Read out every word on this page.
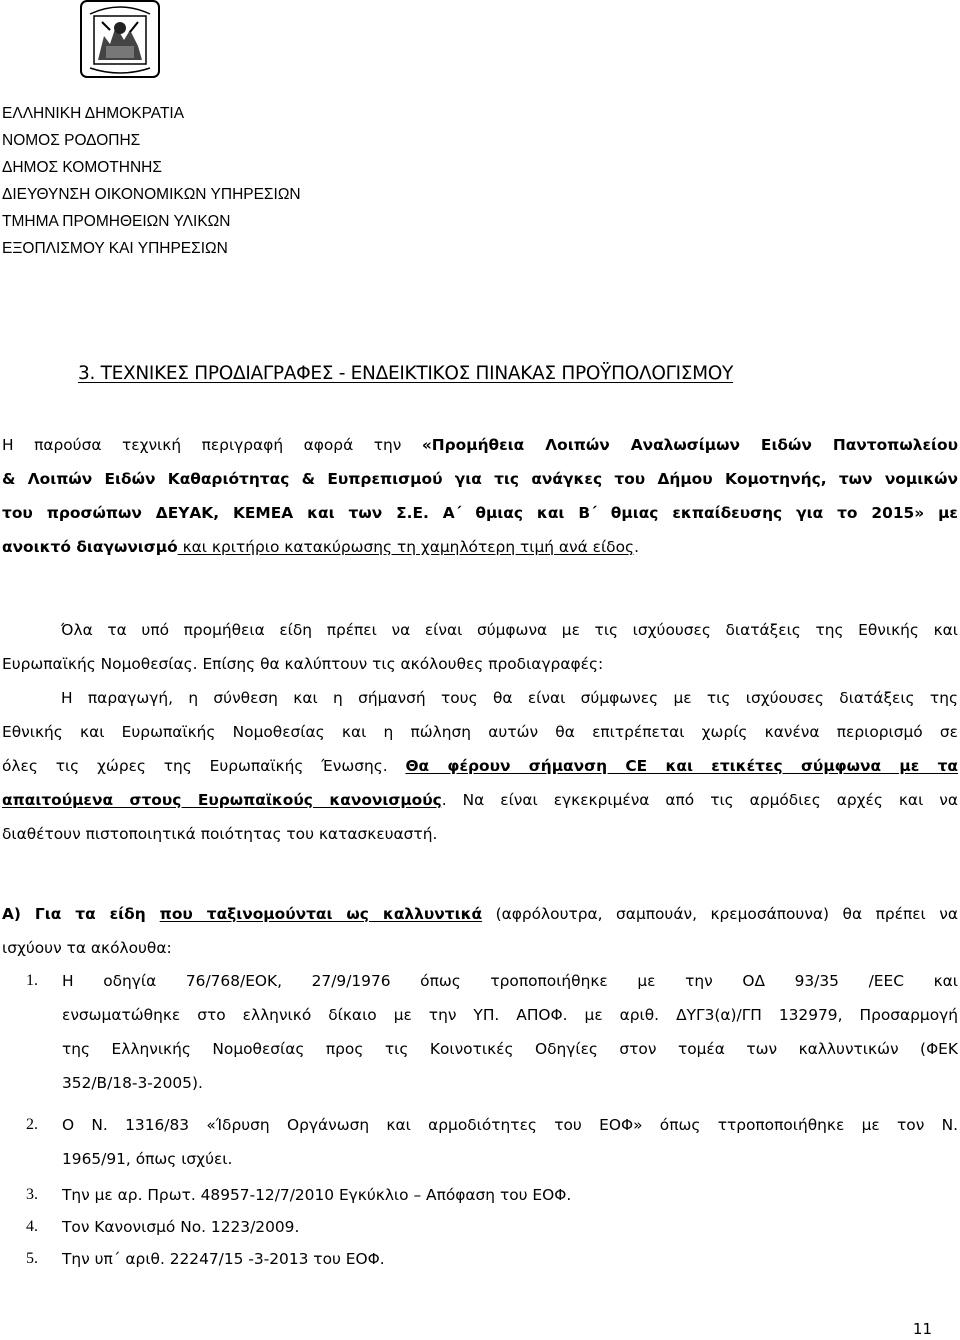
ΕΛΛΗΝΙΚΗ ΔΗΜΟΚΡΑΤΙΑ
ΝΟΜΟΣ ΡΟΔΟΠΗΣ
ΔΗΜΟΣ ΚΟΜΟΤΗΝΗΣ
ΔΙΕΥΘΥΝΣΗ ΟΙΚΟΝΟΜΙΚΩΝ ΥΠΗΡΕΣΙΩΝ
ΤΜΗΜΑ ΠΡΟΜΗΘΕΙΩΝ ΥΛΙΚΩΝ
ΕΞΟΠΛΙΣΜΟΥ ΚΑΙ ΥΠΗΡΕΣΙΩΝ
3. ΤΕΧΝΙΚΕΣ ΠΡΟΔΙΑΓΡΑΦΕΣ - ΕΝΔΕΙΚΤΙΚΟΣ ΠΙΝΑΚΑΣ ΠΡΟΫΠΟΛΟΓΙΣΜΟΥ
Η παρούσα τεχνική περιγραφή αφορά την «Προμήθεια Λοιπών Αναλωσίμων Ειδών Παντοπωλείου
& Λοιπών Ειδών Καθαριότητας & Ευπρεπισμού για τις ανάγκες του Δήμου Κομοτηνής, των νομικών
του προσώπων ΔΕΥΑΚ, ΚΕΜΕΑ και των Σ.Ε. Α΄ θμιας και Β΄ θμιας εκπαίδευσης για το 2015» με
ανοικτό διαγωνισμό και κριτήριο κατακύρωσης τη χαμηλότερη τιμή ανά είδος.
Όλα τα υπό προμήθεια είδη πρέπει να είναι σύμφωνα με τις ισχύουσες διατάξεις της Εθνικής και
Ευρωπαϊκής Νομοθεσίας. Επίσης θα καλύπτουν τις ακόλουθες προδιαγραφές:
Η παραγωγή, η σύνθεση και η σήμανσή τους θα είναι σύμφωνες με τις ισχύουσες διατάξεις της
Εθνικής και Ευρωπαϊκής Νομοθεσίας και η πώληση αυτών θα επιτρέπεται χωρίς κανένα περιορισμό σε
όλες τις χώρες της Ευρωπαϊκής Ένωσης. Θα φέρουν σήμανση CE και ετικέτες σύμφωνα με τα
απαιτούμενα στους Ευρωπαϊκούς κανονισμούς. Να είναι εγκεκριμένα από τις αρμόδιες αρχές και να
διαθέτουν πιστοποιητικά ποιότητας του κατασκευαστή.
Α) Για τα είδη που ταξινομούνται ως καλλυντικά (αφρόλουτρα, σαμπουάν, κρεμοσάπουνα) θα πρέπει να
ισχύουν τα ακόλουθα:
1. Η οδηγία 76/768/ΕΟΚ, 27/9/1976 όπως τροποποιήθηκε με την ΟΔ 93/35 /ΕΕC και
ενσωματώθηκε στο ελληνικό δίκαιο με την ΥΠ. ΑΠΟΦ. με αριθ. ΔΥΓ3(α)/ΓΠ 132979, Προσαρμογή
της Ελληνικής Νομοθεσίας προς τις Κοινοτικές Οδηγίες στον τομέα των καλλυντικών (ΦΕΚ
352/Β/18-3-2005).
2. Ο Ν. 1316/83 «Ίδρυση Οργάνωση και αρμοδιότητες του ΕΟΦ» όπως ττροποποιήθηκε με τον Ν.
1965/91, όπως ισχύει.
3. Την με αρ. Πρωτ. 48957-12/7/2010 Εγκύκλιο – Απόφαση του ΕΟΦ.
4. Τον Κανονισμό Νο. 1223/2009.
5. Την υπ΄ αριθ. 22247/15 -3-2013 του ΕΟΦ.
11
